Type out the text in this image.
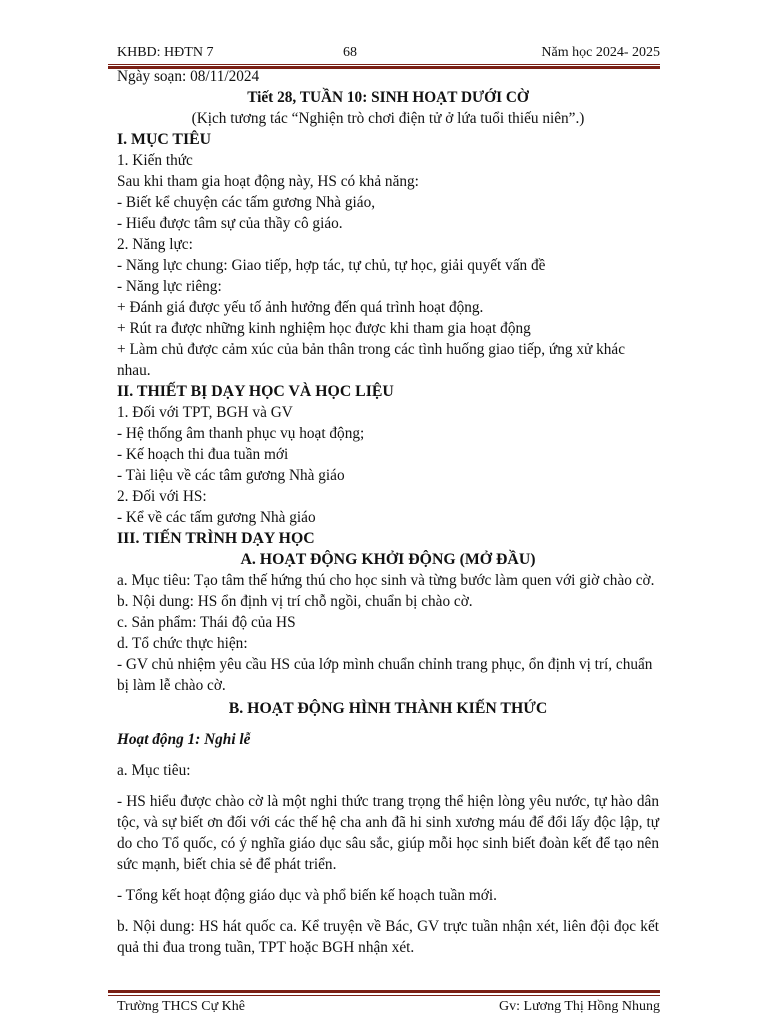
KHBD: HĐTN 7	68	Năm học 2024- 2025

Ngày soạn: 08/11/2024

Tiết 28, TUẦN 10: SINH HOẠT DƯỚI CỜ

(Kịch tương tác “Nghiện trò chơi điện tử ở lứa tuổi thiếu niên”.)

I. MỤC TIÊU

1. Kiến thức

Sau khi tham gia hoạt động này, HS có khả năng:

- Biết kể chuyện các tấm gương Nhà giáo,

- Hiểu được tâm sự của thầy cô giáo.

2. Năng lực:

- Năng lực chung: Giao tiếp, hợp tác, tự chủ, tự học, giải quyết vấn đề

- Năng lực riêng:

+ Đánh giá được yếu tố ảnh hưởng đến quá trình hoạt động.

+ Rút ra được những kinh nghiệm học được khi tham gia hoạt động

+ Làm chủ được cảm xúc của bản thân trong các tình huống giao tiếp, ứng xử khác nhau.

II. THIẾT BỊ DẠY HỌC VÀ HỌC LIỆU

1. Đối với TPT, BGH và GV

- Hệ thống âm thanh phục vụ hoạt động;

- Kế hoạch thi đua tuần mới

- Tài liệu về các tâm gương Nhà giáo

2. Đối với HS:

- Kể về các tấm gương Nhà giáo

III. TIẾN TRÌNH DẠY HỌC

A. HOẠT ĐỘNG KHỞI ĐỘNG (MỞ ĐẦU)

a. Mục tiêu: Tạo tâm thế hứng thú cho học sinh và từng bước làm quen với giờ chào cờ.

b. Nội dung: HS ổn định vị trí chỗ ngồi, chuẩn bị chào cờ.

c. Sản phẩm: Thái độ của HS

d. Tổ chức thực hiện:

- GV chủ nhiệm yêu cầu HS của lớp mình chuẩn chỉnh trang phục, ổn định vị trí, chuẩn bị làm lễ chào cờ.

B. HOẠT ĐỘNG HÌNH THÀNH KIẾN THỨC

Hoạt động 1: Nghi lễ

a. Mục tiêu:

- HS hiểu được chào cờ là một nghi thức trang trọng thể hiện lòng yêu nước, tự hào dân tộc, và sự biết ơn đối với các thế hệ cha anh đã hi sinh xương máu để đổi lấy độc lập, tự do cho Tổ quốc, có ý nghĩa giáo dục sâu sắc, giúp mỗi học sinh biết đoàn kết để tạo nên sức mạnh, biết chia sẻ để phát triển.

- Tổng kết hoạt động giáo dục và phổ biến kế hoạch tuần mới.

b. Nội dung: HS hát quốc ca. Kể truyện về Bác, GV trực tuần nhận xét, liên đội đọc kết quả thi đua trong tuần, TPT hoặc BGH nhận xét.

Trường THCS Cự Khê	Gv: Lương Thị Hồng Nhung
